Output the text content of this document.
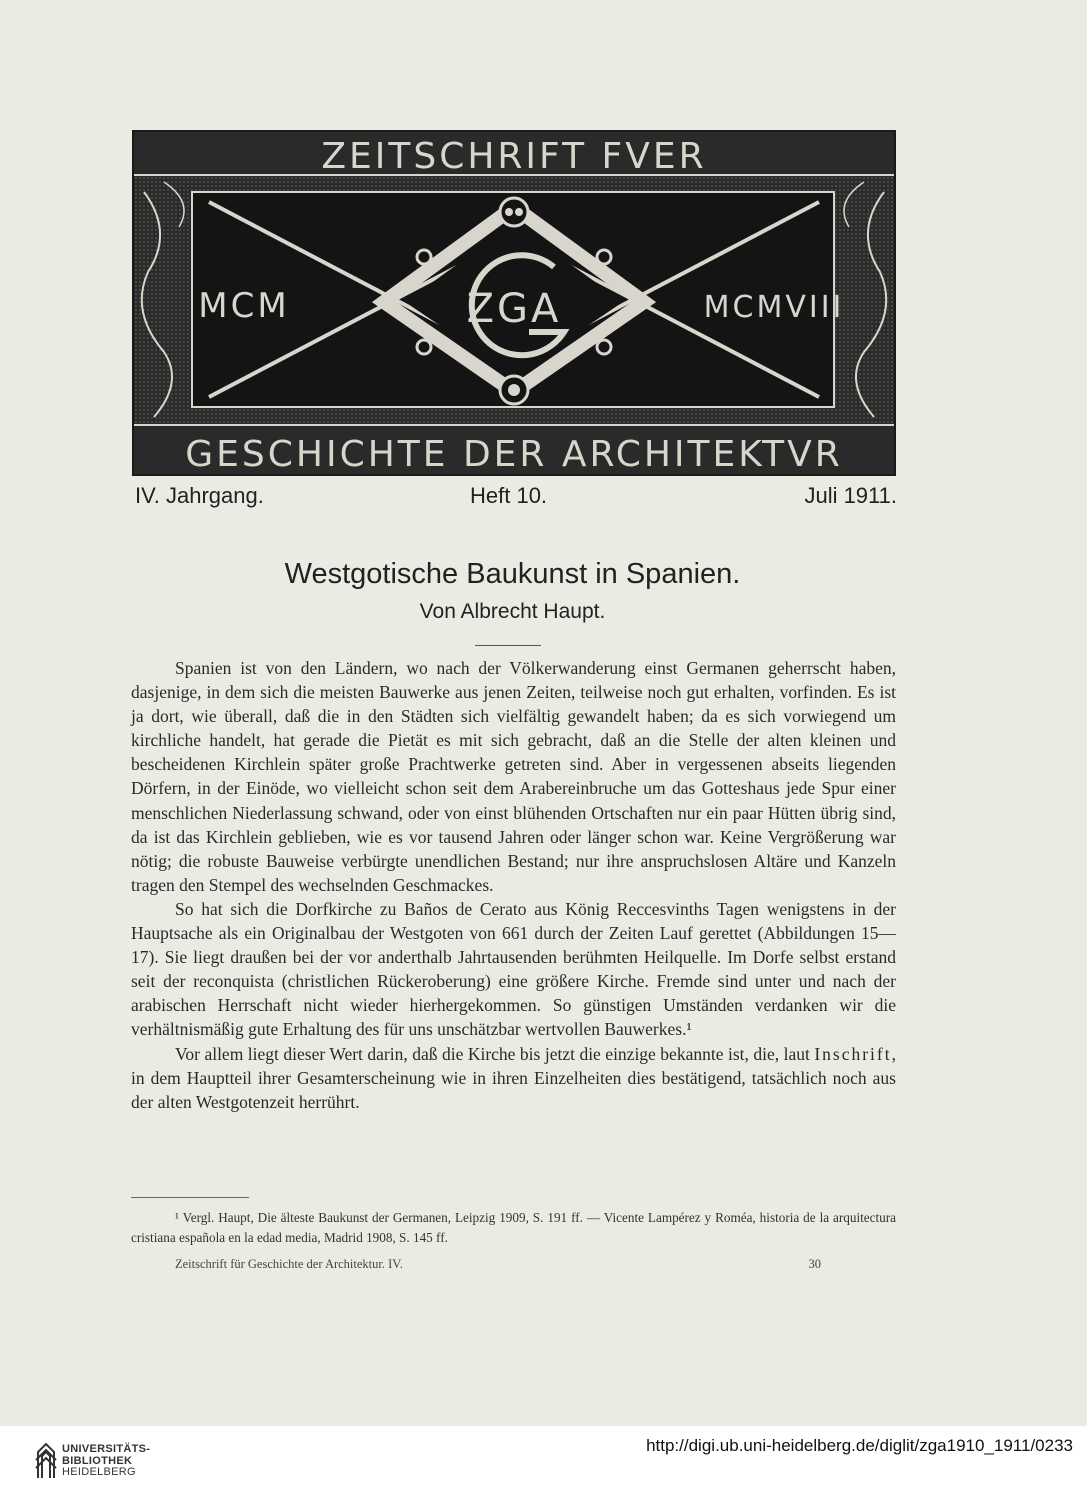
ZEITSCHRIFT FVER
GESCHICHTE DER ARCHITEKTVR
MCM	MCMVIII
ZGA
IV. Jahrgang.	Heft 10.	Juli 1911.
Westgotische Baukunst in Spanien.
Von Albrecht Haupt.

Spanien ist von den Ländern, wo nach der Völkerwanderung einst Germanen geherrscht haben, dasjenige, in dem sich die meisten Bauwerke aus jenen Zeiten, teilweise noch gut erhalten, vorfinden. Es ist ja dort, wie überall, daß die in den Städten sich vielfältig gewandelt haben; da es sich vorwiegend um kirchliche handelt, hat gerade die Pietät es mit sich gebracht, daß an die Stelle der alten kleinen und bescheidenen Kirchlein später große Prachtwerke getreten sind. Aber in vergessenen abseits liegenden Dörfern, in der Einöde, wo vielleicht schon seit dem Arabereinbruche um das Gotteshaus jede Spur einer menschlichen Niederlassung schwand, oder von einst blühenden Ortschaften nur ein paar Hütten übrig sind, da ist das Kirchlein geblieben, wie es vor tausend Jahren oder länger schon war. Keine Vergrößerung war nötig; die robuste Bauweise verbürgte unendlichen Bestand; nur ihre anspruchslosen Altäre und Kanzeln tragen den Stempel des wechselnden Geschmackes.

So hat sich die Dorfkirche zu Baños de Cerato aus König Reccesvinths Tagen wenigstens in der Hauptsache als ein Originalbau der Westgoten von 661 durch der Zeiten Lauf gerettet (Abbildungen 15—17). Sie liegt draußen bei der vor anderthalb Jahrtausenden berühmten Heilquelle. Im Dorfe selbst erstand seit der reconquista (christlichen Rückeroberung) eine größere Kirche. Fremde sind unter und nach der arabischen Herrschaft nicht wieder hierhergekommen. So günstigen Umständen verdanken wir die verhältnismäßig gute Erhaltung des für uns unschätzbar wertvollen Bauwerkes.¹

Vor allem liegt dieser Wert darin, daß die Kirche bis jetzt die einzige bekannte ist, die, laut Inschrift, in dem Hauptteil ihrer Gesamterscheinung wie in ihren Einzelheiten dies bestätigend, tatsächlich noch aus der alten Westgotenzeit herrührt.

¹ Vergl. Haupt, Die älteste Baukunst der Germanen, Leipzig 1909, S. 191 ff. — Vicente Lampérez y Roméa, historia de la arquitectura cristiana española en la edad media, Madrid 1908, S. 145 ff.
Zeitschrift für Geschichte der Architektur. IV.	30
UNIVERSITÄTS-
BIBLIOTHEK
HEIDELBERG
http://digi.ub.uni-heidelberg.de/diglit/zga1910_1911/0233
